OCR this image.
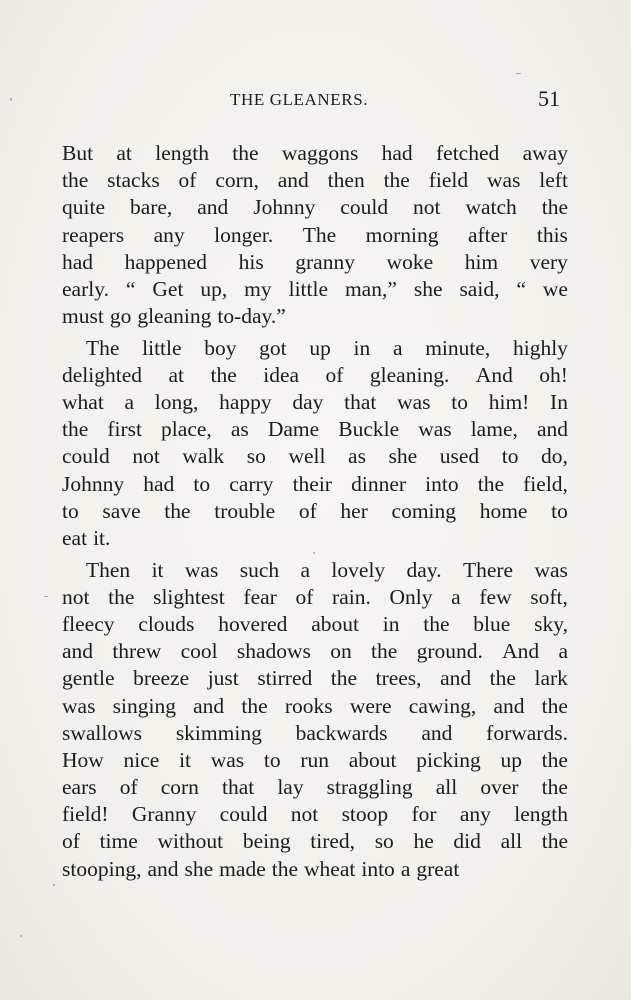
THE GLEANERS.	51
But at length the waggons had fetched away
the stacks of corn, and then the field was left
quite bare, and Johnny could not watch the
reapers any longer. The morning after this
had happened his granny woke him very
early. “ Get up, my little man,” she said, “ we
must go gleaning to-day.”
The little boy got up in a minute, highly
delighted at the idea of gleaning. And oh!
what a long, happy day that was to him! In
the first place, as Dame Buckle was lame, and
could not walk so well as she used to do,
Johnny had to carry their dinner into the field,
to save the trouble of her coming home to
eat it.
Then it was such a lovely day. There was
not the slightest fear of rain. Only a few soft,
fleecy clouds hovered about in the blue sky,
and threw cool shadows on the ground. And a
gentle breeze just stirred the trees, and the lark
was singing and the rooks were cawing, and the
swallows skimming backwards and forwards.
How nice it was to run about picking up the
ears of corn that lay straggling all over the
field! Granny could not stoop for any length
of time without being tired, so he did all the
stooping, and she made the wheat into a great
